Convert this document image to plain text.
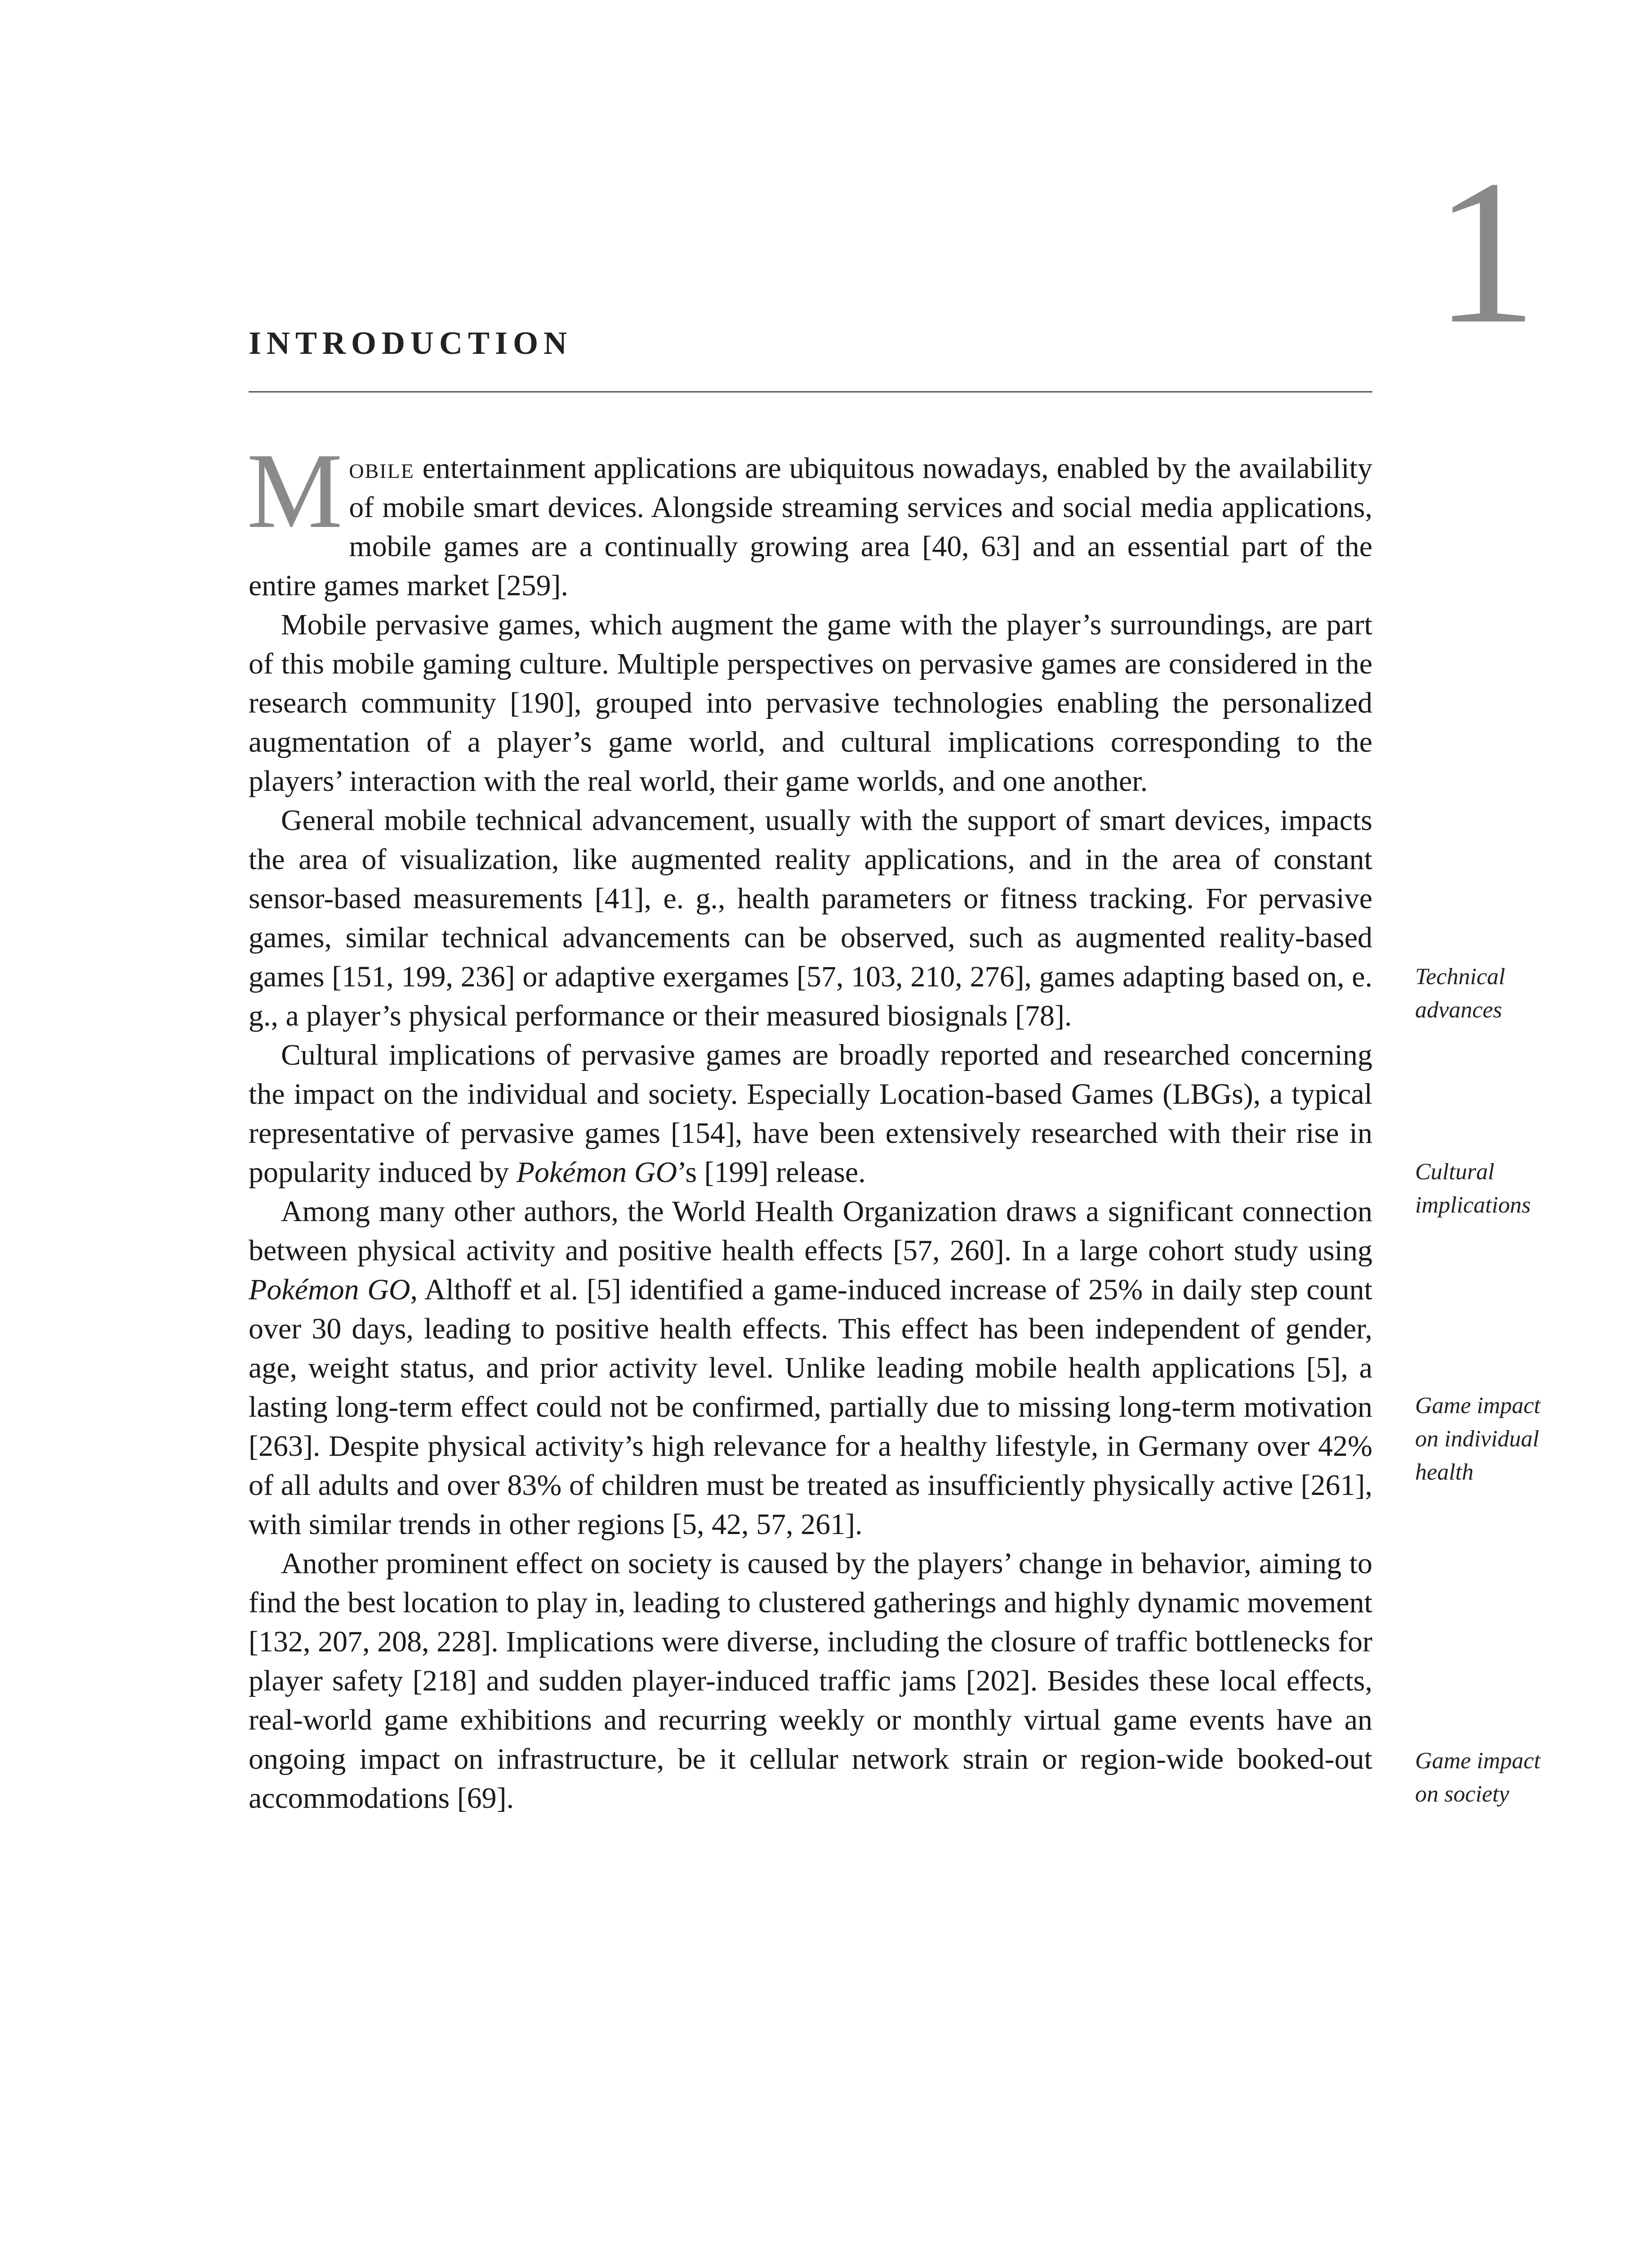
1
INTRODUCTION

Mobile entertainment applications are ubiquitous nowadays, enabled by the availability of mobile smart devices. Alongside streaming services and social media applications, mobile games are a continually growing area [40, 63] and an essential part of the entire games market [259].

Mobile pervasive games, which augment the game with the player’s surroundings, are part of this mobile gaming culture. Multiple perspectives on pervasive games are considered in the research community [190], grouped into pervasive technologies enabling the personalized augmentation of a player’s game world, and cultural implications corresponding to the players’ interaction with the real world, their game worlds, and one another.

General mobile technical advancement, usually with the support of smart devices, impacts the area of visualization, like augmented reality applications, and in the area of constant sensor-based measurements [41], e. g., health parameters or fitness tracking. For pervasive games, similar technical advancements can be observed, such as augmented reality-based games [151, 199, 236] or adaptive exergames [57, 103, 210, 276], games adapting based on, e. g., a player’s physical performance or their measured biosignals [78].

Cultural implications of pervasive games are broadly reported and researched concerning the impact on the individual and society. Especially Location-based Games (LBGs), a typical representative of pervasive games [154], have been extensively researched with their rise in popularity induced by Pokémon GO’s [199] release.

Among many other authors, the World Health Organization draws a significant connection between physical activity and positive health effects [57, 260]. In a large cohort study using Pokémon GO, Althoff et al. [5] identified a game-induced increase of 25% in daily step count over 30 days, leading to positive health effects. This effect has been independent of gender, age, weight status, and prior activity level. Unlike leading mobile health applications [5], a lasting long-term effect could not be confirmed, partially due to missing long-term motivation [263]. Despite physical activity’s high relevance for a healthy lifestyle, in Germany over 42% of all adults and over 83% of children must be treated as insufficiently physically active [261], with similar trends in other regions [5, 42, 57, 261].

Another prominent effect on society is caused by the players’ change in behavior, aiming to find the best location to play in, leading to clustered gatherings and highly dynamic movement [132, 207, 208, 228]. Implications were diverse, including the closure of traffic bottlenecks for player safety [218] and sudden player-induced traffic jams [202]. Besides these local effects, real-world game exhibitions and recurring weekly or monthly virtual game events have an ongoing impact on infrastructure, be it cellular network strain or region-wide booked-out accommodations [69].

Technical
advances
Cultural
implications
Game impact
on individual
health
Game impact
on society
